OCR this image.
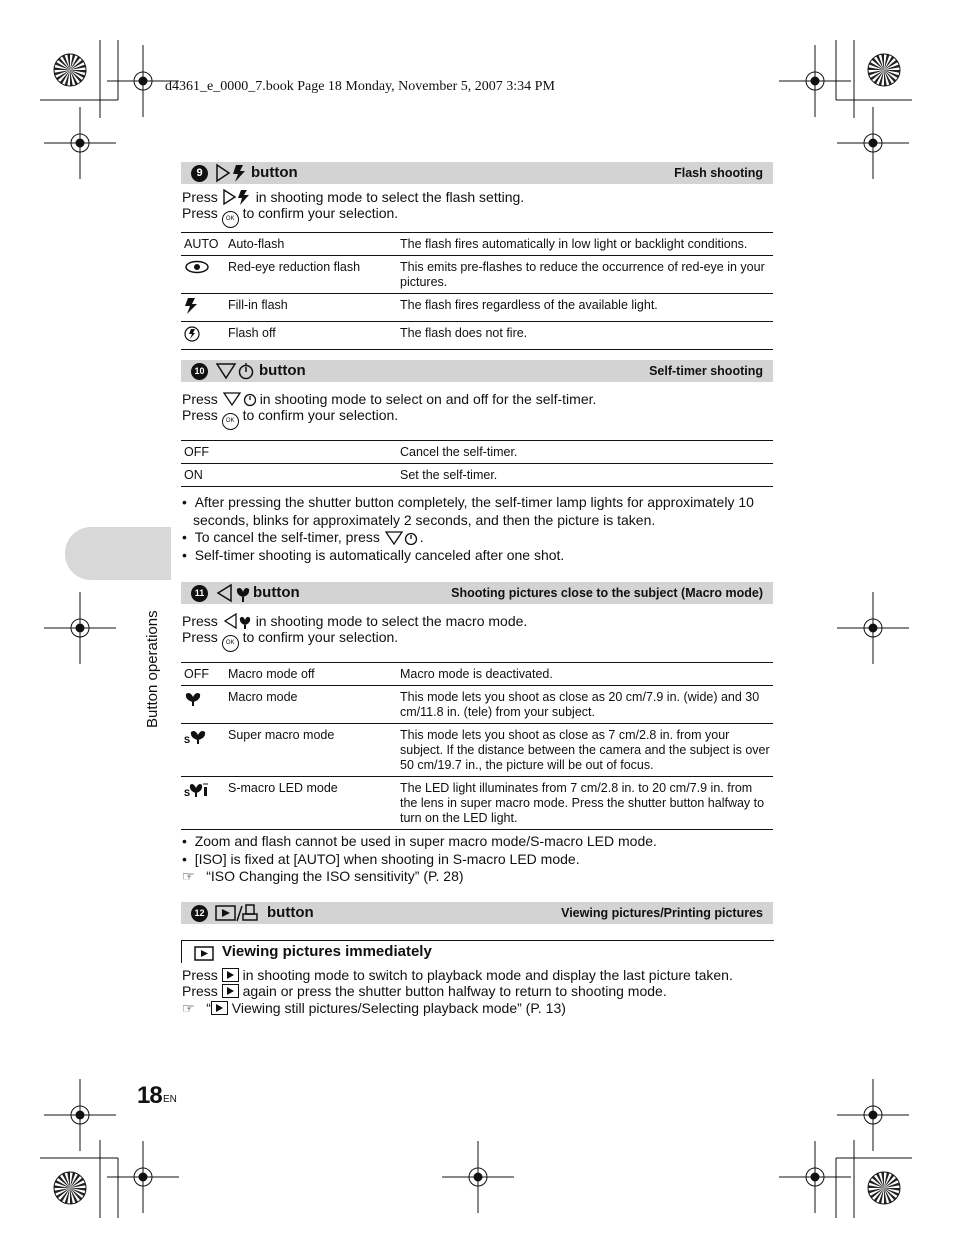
d4361_e_0000_7.book Page 18 Monday, November 5, 2007 3:34 PM
Button operations
9	button	Flash shooting
Press	in shooting mode to select the flash setting.
Press OK to confirm your selection.
AUTO	Auto-flash	The flash fires automatically in low light or backlight conditions.
	Red-eye reduction flash	This emits pre-flashes to reduce the occurrence of red-eye in your pictures.
	Fill-in flash	The flash fires regardless of the available light.
	Flash off	The flash does not fire.
10	button	Self-timer shooting
Press	in shooting mode to select on and off for the self-timer.
Press OK to confirm your selection.
OFF		Cancel the self-timer.
ON		Set the self-timer.
•  After pressing the shutter button completely, the self-timer lamp lights for approximately 10 seconds, blinks for approximately 2 seconds, and then the picture is taken.
•  To cancel the self-timer, press	.
•  Self-timer shooting is automatically canceled after one shot.
11	button	Shooting pictures close to the subject (Macro mode)
Press	in shooting mode to select the macro mode.
Press OK to confirm your selection.
OFF	Macro mode off	Macro mode is deactivated.
	Macro mode	This mode lets you shoot as close as 20 cm/7.9 in. (wide) and 30 cm/11.8 in. (tele) from your subject.

S	Super macro mode	This mode lets you shoot as close as 7 cm/2.8 in. from your subject. If the distance between the camera and the subject is over 50 cm/19.7 in., the picture will be out of focus.

S	S-macro LED mode	The LED light illuminates from 7 cm/2.8 in. to 20 cm/7.9 in. from the lens in super macro mode. Press the shutter button halfway to turn on the LED light.
•  Zoom and flash cannot be used in super macro mode/S-macro LED mode.
•  [ISO] is fixed at [AUTO] when shooting in S-macro LED mode.
☞ “ISO Changing the ISO sensitivity” (P. 28)
12	button	Viewing pictures/Printing pictures
Viewing pictures immediately
Press in shooting mode to switch to playback mode and display the last picture taken.
Press again or press the shutter button halfway to return to shooting mode.
☞ “ Viewing still pictures/Selecting playback mode” (P. 13)
18 EN
